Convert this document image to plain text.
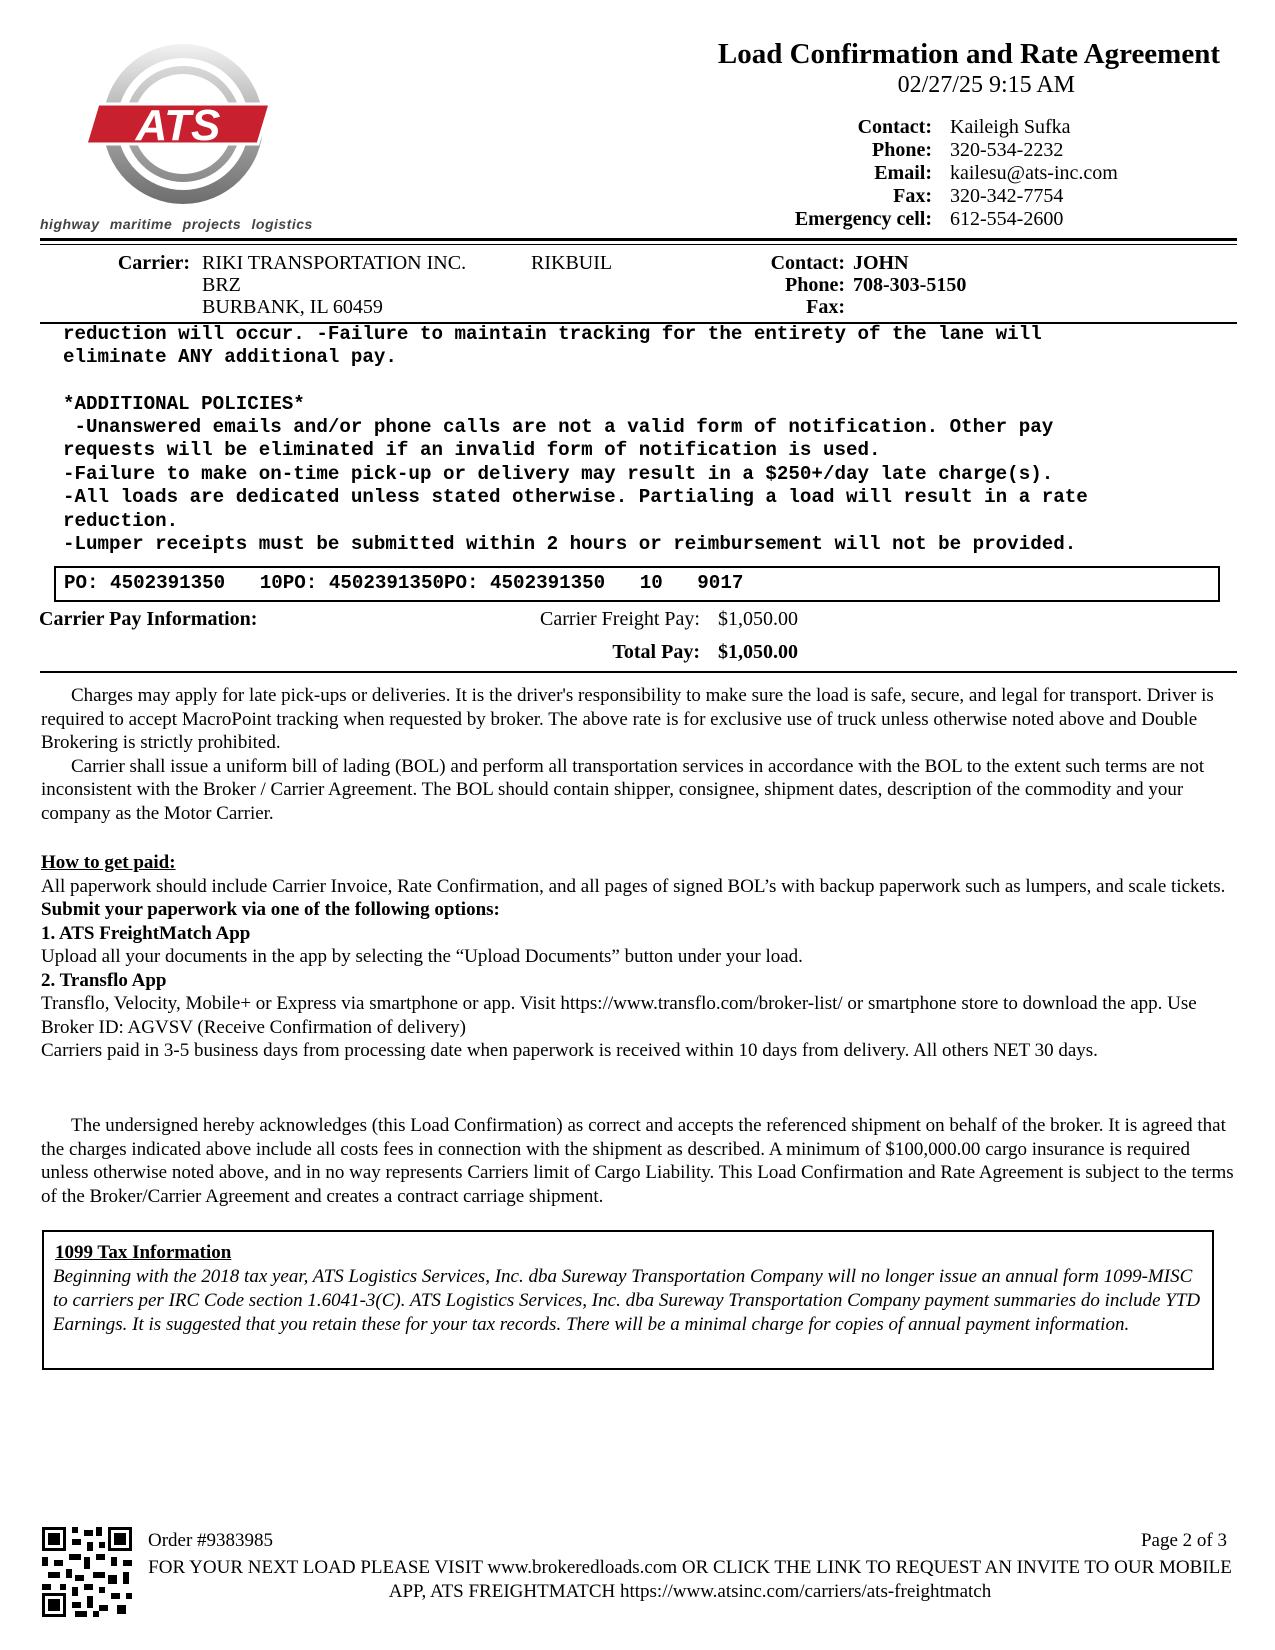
ATS
highway maritime projects logistics
Load Confirmation and Rate Agreement
02/27/25 9:15 AM
Contact: Kaileigh Sufka
Phone: 320-534-2232
Email: kailesu@ats-inc.com
Fax: 320-342-7754
Emergency cell: 612-554-2600
Carrier: RIKI TRANSPORTATION INC.	RIKBUIL
BRZ
BURBANK, IL 60459
Contact: JOHN
Phone: 708-303-5150
Fax:
reduction will occur. -Failure to maintain tracking for the entirety of the lane will
eliminate ANY additional pay.
*ADDITIONAL POLICIES*
-Unanswered emails and/or phone calls are not a valid form of notification. Other pay
requests will be eliminated if an invalid form of notification is used.
-Failure to make on-time pick-up or delivery may result in a $250+/day late charge(s).
-All loads are dedicated unless stated otherwise. Partialing a load will result in a rate
reduction.
-Lumper receipts must be submitted within 2 hours or reimbursement will not be provided.
PO: 4502391350   10PO: 4502391350PO: 4502391350   10   9017
Carrier Pay Information:	Carrier Freight Pay: $1,050.00
Total Pay: $1,050.00

Charges may apply for late pick-ups or deliveries. It is the driver's responsibility to make sure the load is safe, secure, and legal for transport. Driver is required to accept MacroPoint tracking when requested by broker. The above rate is for exclusive use of truck unless otherwise noted above and Double Brokering is strictly prohibited.

Carrier shall issue a uniform bill of lading (BOL) and perform all transportation services in accordance with the BOL to the extent such terms are not inconsistent with the Broker / Carrier Agreement. The BOL should contain shipper, consignee, shipment dates, description of the commodity and your company as the Motor Carrier.

How to get paid:

All paperwork should include Carrier Invoice, Rate Confirmation, and all pages of signed BOL’s with backup paperwork such as lumpers, and scale tickets.

Submit your paperwork via one of the following options:

1. ATS FreightMatch App

Upload all your documents in the app by selecting the “Upload Documents” button under your load.

2. Transflo App

Transflo, Velocity, Mobile+ or Express via smartphone or app. Visit https://www.transflo.com/broker-list/ or smartphone store to download the app. Use Broker ID: AGVSV (Receive Confirmation of delivery)

Carriers paid in 3-5 business days from processing date when paperwork is received within 10 days from delivery. All others NET 30 days.

The undersigned hereby acknowledges (this Load Confirmation) as correct and accepts the referenced shipment on behalf of the broker. It is agreed that the charges indicated above include all costs fees in connection with the shipment as described. A minimum of $100,000.00 cargo insurance is required unless otherwise noted above, and in no way represents Carriers limit of Cargo Liability. This Load Confirmation and Rate Agreement is subject to the terms of the Broker/Carrier Agreement and creates a contract carriage shipment.

1099 Tax Information
Beginning with the 2018 tax year, ATS Logistics Services, Inc. dba Sureway Transportation Company will no longer issue an annual form 1099-MISC to carriers per IRC Code section 1.6041-3(C). ATS Logistics Services, Inc. dba Sureway Transportation Company payment summaries do include YTD Earnings. It is suggested that you retain these for your tax records. There will be a minimal charge for copies of annual payment information.
Order #9383985	Page 2 of 3
FOR YOUR NEXT LOAD PLEASE VISIT www.brokeredloads.com OR CLICK THE LINK TO REQUEST AN INVITE TO OUR MOBILE APP, ATS FREIGHTMATCH https://www.atsinc.com/carriers/ats-freightmatch
